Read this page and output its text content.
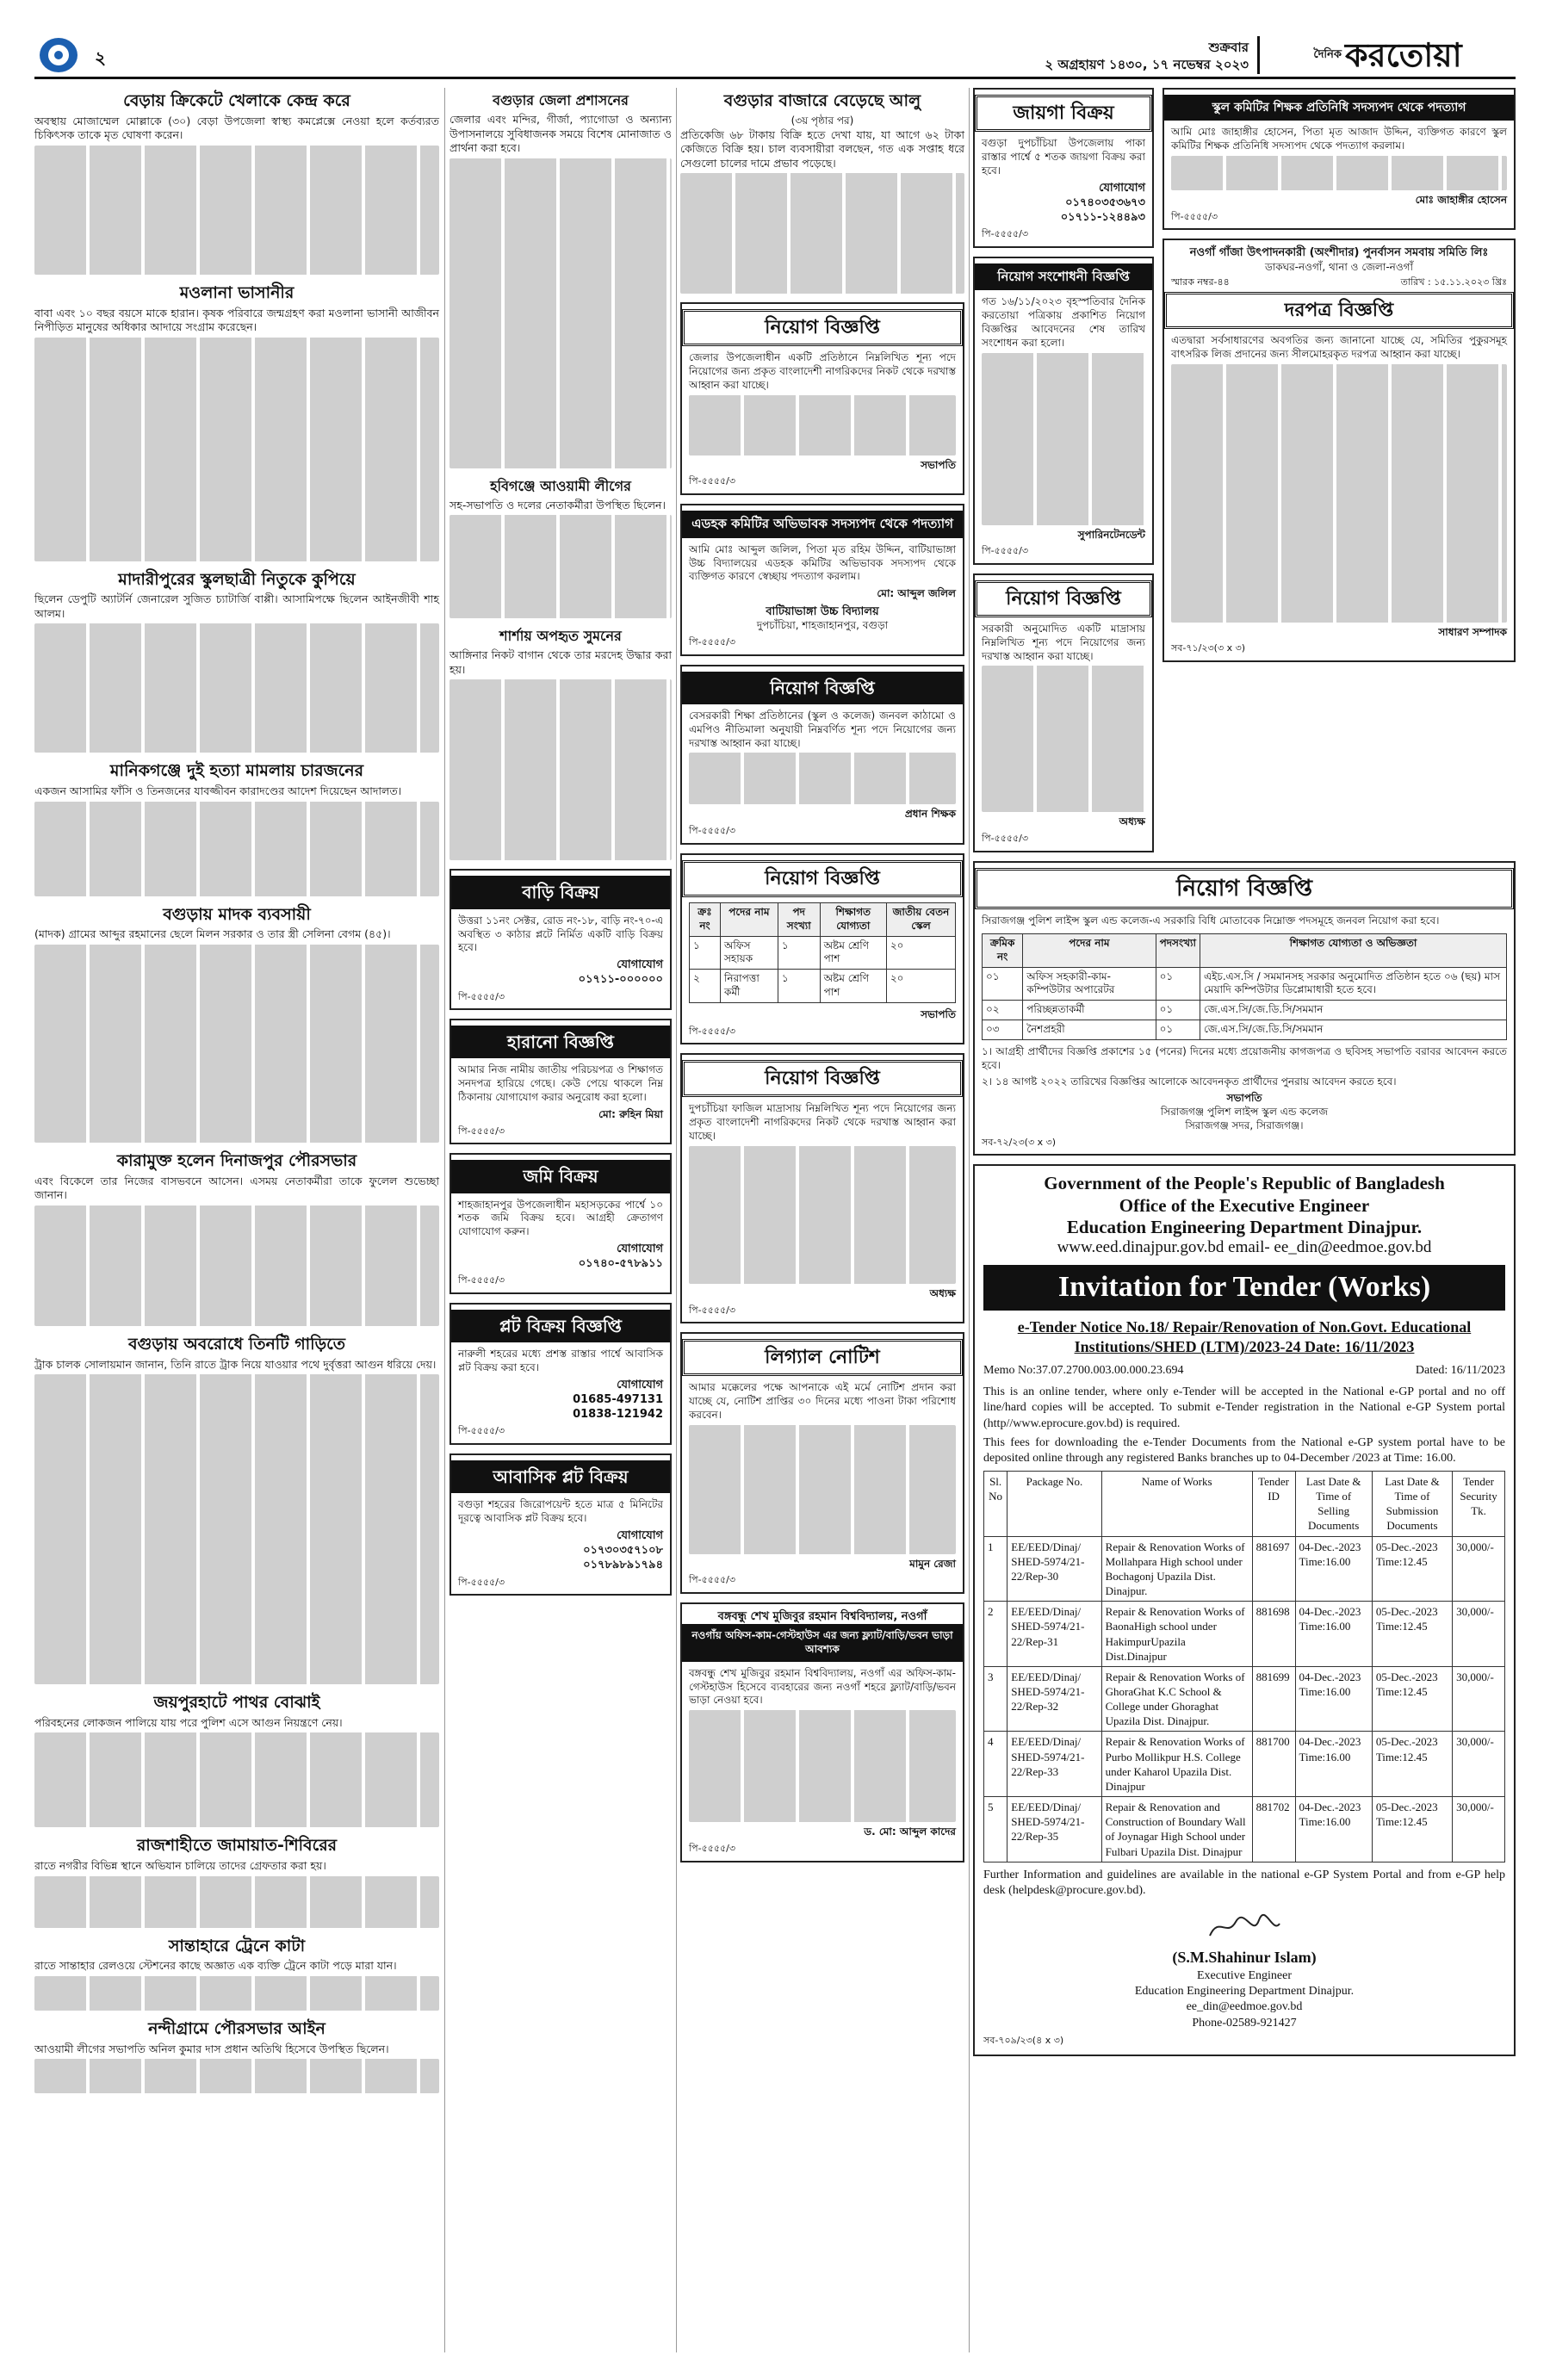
২	শুক্রবার
২ অগ্রহায়ণ ১৪৩০, ১৭ নভেম্বর ২০২৩
$^{দৈনিক}$ করতোয়া
বেড়ায় ক্রিকেটে খেলাকে কেন্দ্র করে

অবস্থায় মোজাম্মেল মোল্লাকে (৩০) বেড়া উপজেলা স্বাস্থ্য কমপ্লেক্সে নেওয়া হলে কর্তব্যরত চিকিৎসক তাকে মৃত ঘোষণা করেন।

মওলানা ভাসানীর

বাবা এবং ১০ বছর বয়সে মাকে হারান। কৃষক পরিবারে জন্মগ্রহণ করা মওলানা ভাসানী আজীবন নিপীড়িত মানুষের অধিকার আদায়ে সংগ্রাম করেছেন।

মাদারীপুরের স্কুলছাত্রী নিতুকে কুপিয়ে

ছিলেন ডেপুটি অ্যাটর্নি জেনারেল সুজিত চ্যাটার্জি বাপ্পী। আসামিপক্ষে ছিলেন আইনজীবী শাহ আলম।

মানিকগঞ্জে দুই হত্যা মামলায় চারজনের

একজন আসামির ফাঁসি ও তিনজনের যাবজ্জীবন কারাদণ্ডের আদেশ দিয়েছেন আদালত।

বগুড়ায় মাদক ব্যবসায়ী

(মাদক) গ্রামের আব্দুর রহমানের ছেলে মিলন সরকার ও তার স্ত্রী সেলিনা বেগম (৪৫)।

কারামুক্ত হলেন দিনাজপুর পৌরসভার

এবং বিকেলে তার নিজের বাসভবনে আসেন। এসময় নেতাকর্মীরা তাকে ফুলেল শুভেচ্ছা জানান।

বগুড়ায় অবরোধে তিনটি গাড়িতে

ট্রাক চালক সোলায়মান জানান, তিনি রাতে ট্রাক নিয়ে যাওয়ার পথে দুর্বৃত্তরা আগুন ধরিয়ে দেয়।

জয়পুরহাটে পাথর বোঝাই

পরিবহনের লোকজন পালিয়ে যায় পরে পুলিশ এসে আগুন নিয়ন্ত্রণে নেয়।

রাজশাহীতে জামায়াত-শিবিরের

রাতে নগরীর বিভিন্ন স্থানে অভিযান চালিয়ে তাদের গ্রেফতার করা হয়।

সান্তাহারে ট্রেনে কাটা

রাতে সান্তাহার রেলওয়ে স্টেশনের কাছে অজ্ঞাত এক ব্যক্তি ট্রেনে কাটা পড়ে মারা যান।

নন্দীগ্রামে পৌরসভার আইন

আওয়ামী লীগের সভাপতি অনিল কুমার দাস প্রধান অতিথি হিসেবে উপস্থিত ছিলেন।

বগুড়ার জেলা প্রশাসনের

জেলার এবং মন্দির, গীর্জা, প্যাগোডা ও অন্যান্য উপাসনালয়ে সুবিধাজনক সময়ে বিশেষ মোনাজাত ও প্রার্থনা করা হবে।

হবিগঞ্জে আওয়ামী লীগের

সহ-সভাপতি ও দলের নেতাকর্মীরা উপস্থিত ছিলেন।

শার্শায় অপহৃত সুমনের

আঙ্গিনার নিকট বাগান থেকে তার মরদেহ উদ্ধার করা হয়।

বাড়ি বিক্রয়

উত্তরা ১১নং সেক্টর, রোড নং-১৮, বাড়ি নং-৭০-এ অবস্থিত ৩ কাঠার প্লটে নির্মিত একটি বাড়ি বিক্রয় হবে।

যোগাযোগ
০১৭১১-০০০০০০
পি-৫৫৫৫/৩
হারানো বিজ্ঞপ্তি

আমার নিজ নামীয় জাতীয় পরিচয়পত্র ও শিক্ষাগত সনদপত্র হারিয়ে গেছে। কেউ পেয়ে থাকলে নিম্ন ঠিকানায় যোগাযোগ করার অনুরোধ করা হলো।

মো: রুহিন মিয়া
পি-৫৫৫৫/৩
জমি বিক্রয়

শাহজাহানপুর উপজেলাধীন মহাসড়কের পার্শ্বে ১০ শতক জমি বিক্রয় হবে। আগ্রহী ক্রেতাগণ যোগাযোগ করুন।

যোগাযোগ
০১৭৪০-৫৭৮৯১১
পি-৫৫৫৫/৩
প্লট বিক্রয় বিজ্ঞপ্তি

নারুলী শহরের মধ্যে প্রশস্ত রাস্তার পার্শ্বে আবাসিক প্লট বিক্রয় করা হবে।

যোগাযোগ
01685-497131
01838-121942
পি-৫৫৫৫/৩
আবাসিক প্লট বিক্রয়

বগুড়া শহরের জিরোপয়েন্ট হতে মাত্র ৫ মিনিটের দূরত্বে আবাসিক প্লট বিক্রয় হবে।

যোগাযোগ
০১৭৩০৩৫৭১০৮
০১৭৮৯৮৯১৭৯৪
পি-৫৫৫৫/৩
বগুড়ার বাজারে বেড়েছে আলু
(৩য় পৃষ্ঠার পর)

প্রতিকেজি ৬৮ টাকায় বিক্রি হতে দেখা যায়, যা আগে ৬২ টাকা কেজিতে বিক্রি হয়। চাল ব্যবসায়ীরা বলছেন, গত এক সপ্তাহ ধরে সেগুলো চালের দামে প্রভাব পড়েছে।

নিয়োগ বিজ্ঞপ্তি

জেলার উপজেলাধীন একটি প্রতিষ্ঠানে নিম্নলিখিত শূন্য পদে নিয়োগের জন্য প্রকৃত বাংলাদেশী নাগরিকদের নিকট থেকে দরখাস্ত আহ্বান করা যাচ্ছে।

সভাপতি
পি-৫৫৫৫/৩
এডহক কমিটির অভিভাবক সদস্যপদ থেকে পদত্যাগ

আমি মোঃ আব্দুল জলিল, পিতা মৃত রহিম উদ্দিন, বাটিয়াভাঙ্গা উচ্চ বিদ্যালয়ের এডহক কমিটির অভিভাবক সদস্যপদ থেকে ব্যক্তিগত কারণে স্বেচ্ছায় পদত্যাগ করলাম।

মো: আব্দুল জলিল
বাটিয়াভাঙ্গা উচ্চ বিদ্যালয়
দুপচাঁচিয়া, শাহজাহানপুর, বগুড়া
পি-৫৫৫৫/৩
নিয়োগ বিজ্ঞপ্তি

বেসরকারী শিক্ষা প্রতিষ্ঠানের (স্কুল ও কলেজ) জনবল কাঠামো ও এমপিও নীতিমালা অনুযায়ী নিম্নবর্ণিত শূন্য পদে নিয়োগের জন্য দরখাস্ত আহ্বান করা যাচ্ছে।

প্রধান শিক্ষক
পি-৫৫৫৫/৩
নিয়োগ বিজ্ঞপ্তি
ক্রঃ নং	পদের নাম	পদ সংখ্যা	শিক্ষাগত যোগ্যতা	জাতীয় বেতন স্কেল
১	অফিস সহায়ক	১	অষ্টম শ্রেণি পাশ	২০
২	নিরাপত্তা কর্মী	১	অষ্টম শ্রেণি পাশ	২০
সভাপতি
পি-৫৫৫৫/৩
নিয়োগ বিজ্ঞপ্তি

দুপচাঁচিয়া ফাজিল মাদ্রাসায় নিম্নলিখিত শূন্য পদে নিয়োগের জন্য প্রকৃত বাংলাদেশী নাগরিকদের নিকট থেকে দরখাস্ত আহ্বান করা যাচ্ছে।

অধ্যক্ষ
পি-৫৫৫৫/৩
লিগ্যাল নোটিশ

আমার মক্কেলের পক্ষে আপনাকে এই মর্মে নোটিশ প্রদান করা যাচ্ছে যে, নোটিশ প্রাপ্তির ৩০ দিনের মধ্যে পাওনা টাকা পরিশোধ করবেন।

মামুন রেজা
পি-৫৫৫৫/৩
বঙ্গবন্ধু শেখ মুজিবুর রহমান বিশ্ববিদ্যালয়, নওগাঁ
নওগাঁয় অফিস-কাম-গেস্টহাউস এর জন্য ফ্ল্যাট/বাড়ি/ভবন ভাড়া আবশ্যক

বঙ্গবন্ধু শেখ মুজিবুর রহমান বিশ্ববিদ্যালয়, নওগাঁ এর অফিস-কাম-গেস্টহাউস হিসেবে ব্যবহারের জন্য নওগাঁ শহরে ফ্ল্যাট/বাড়ি/ভবন ভাড়া নেওয়া হবে।

ড. মো: আব্দুল কাদের
পি-৫৫৫৫/৩
জায়গা বিক্রয়

বগুড়া দুপচাঁচিয়া উপজেলায় পাকা রাস্তার পার্শ্বে ৫ শতক জায়গা বিক্রয় করা হবে।

যোগাযোগ
০১৭৪০৩৫৩৬৭৩
০১৭১১-১২৪৪৯৩
পি-৫৫৫৫/৩
নিয়োগ সংশোধনী বিজ্ঞপ্তি

গত ১৬/১১/২০২৩ বৃহস্পতিবার দৈনিক করতোয়া পত্রিকায় প্রকাশিত নিয়োগ বিজ্ঞপ্তির আবেদনের শেষ তারিখ সংশোধন করা হলো।

সুপারিনটেনডেন্ট
পি-৫৫৫৫/৩
নিয়োগ বিজ্ঞপ্তি

সরকারী অনুমোদিত একটি মাদ্রাসায় নিম্নলিখিত শূন্য পদে নিয়োগের জন্য দরখাস্ত আহ্বান করা যাচ্ছে।

অধ্যক্ষ
পি-৫৫৫৫/৩
স্কুল কমিটির শিক্ষক প্রতিনিধি সদস্যপদ থেকে পদত্যাগ

আমি মোঃ জাহাঙ্গীর হোসেন, পিতা মৃত আজাদ উদ্দিন, ব্যক্তিগত কারণে স্কুল কমিটির শিক্ষক প্রতিনিধি সদস্যপদ থেকে পদত্যাগ করলাম।

মোঃ জাহাঙ্গীর হোসেন
পি-৫৫৫৫/৩
নওগাঁ গাঁজা উৎপাদনকারী (অংশীদার) পুনর্বাসন সমবায় সমিতি লিঃ
ডাকঘর-নওগাঁ, থানা ও জেলা-নওগাঁ
স্মারক নম্বর-৪৪	তারিখ : ১৫.১১.২০২৩ খ্রিঃ
দরপত্র বিজ্ঞপ্তি

এতদ্বারা সর্বসাধারণের অবগতির জন্য জানানো যাচ্ছে যে, সমিতির পুকুরসমূহ বাৎসরিক লিজ প্রদানের জন্য সীলমোহরকৃত দরপত্র আহ্বান করা যাচ্ছে।

সাধারণ সম্পাদক
সব-৭১/২৩(৩ x ৩)
নিয়োগ বিজ্ঞপ্তি

সিরাজগঞ্জ পুলিশ লাইন্স স্কুল এন্ড কলেজ-এ সরকারি বিধি মোতাবেক নিম্নোক্ত পদসমূহে জনবল নিয়োগ করা হবে।

ক্রমিক নং	পদের নাম	পদসংখ্যা	শিক্ষাগত যোগ্যতা ও অভিজ্ঞতা
০১	অফিস সহকারী-কাম-কম্পিউটার অপারেটর	০১	এইচ.এস.সি / সমমানসহ সরকার অনুমোদিত প্রতিষ্ঠান হতে ০৬ (ছয়) মাস মেয়াদি কম্পিউটার ডিপ্লোমাধারী হতে হবে।
০২	পরিচ্ছন্নতাকর্মী	০১	জে.এস.সি/জে.ডি.সি/সমমান
০৩	নৈশপ্রহরী	০১	জে.এস.সি/জে.ডি.সি/সমমান

১। আগ্রহী প্রার্থীদের বিজ্ঞপ্তি প্রকাশের ১৫ (পনের) দিনের মধ্যে প্রয়োজনীয় কাগজপত্র ও ছবিসহ সভাপতি বরাবর আবেদন করতে হবে।

২। ১৪ আগষ্ট ২০২২ তারিখের বিজ্ঞপ্তির আলোকে আবেদনকৃত প্রার্থীদের পুনরায় আবেদন করতে হবে।

সভাপতি
সিরাজগঞ্জ পুলিশ লাইন্স স্কুল এন্ড কলেজ
সিরাজগঞ্জ সদর, সিরাজগঞ্জ।
সব-৭২/২৩(৩ x ৩)
Government of the People's Republic of Bangladesh
Office of the Executive Engineer
Education Engineering Department Dinajpur.
www.eed.dinajpur.gov.bd email- ee_din@eedmoe.gov.bd
Invitation for Tender (Works)
e-Tender Notice No.18/ Repair/Renovation of Non.Govt. Educational Institutions/SHED (LTM)/2023-24 Date: 16/11/2023
Memo No:37.07.2700.003.00.000.23.694	Dated: 16/11/2023

This is an online tender, where only e-Tender will be accepted in the National e-GP portal and no off line/hard copies will be accepted. To submit e-Tender registration in the National e-GP System portal (http//www.eprocure.gov.bd) is required.

This fees for downloading the e-Tender Documents from the National e-GP system portal have to be deposited online through any registered Banks branches up to 04-December /2023 at Time: 16.00.

Sl. No	Package No.	Name of Works	Tender ID	Last Date & Time of Selling Documents	Last Date & Time of Submission Documents	Tender Security Tk.
1	EE/EED/Dinaj/ SHED-5974/21-22/Rep-30	Repair & Renovation Works of Mollahpara High school under Bochagonj Upazila Dist. Dinajpur.	881697	04-Dec.-2023 Time:16.00	05-Dec.-2023 Time:12.45	30,000/-
2	EE/EED/Dinaj/ SHED-5974/21-22/Rep-31	Repair & Renovation Works of BaonaHigh school under HakimpurUpazila Dist.Dinajpur	881698	04-Dec.-2023 Time:16.00	05-Dec.-2023 Time:12.45	30,000/-
3	EE/EED/Dinaj/ SHED-5974/21-22/Rep-32	Repair & Renovation Works of GhoraGhat K.C School & College under Ghoraghat Upazila Dist. Dinajpur.	881699	04-Dec.-2023 Time:16.00	05-Dec.-2023 Time:12.45	30,000/-
4	EE/EED/Dinaj/ SHED-5974/21-22/Rep-33	Repair & Renovation Works of Purbo Mollikpur H.S. College under Kaharol Upazila Dist. Dinajpur	881700	04-Dec.-2023 Time:16.00	05-Dec.-2023 Time:12.45	30,000/-
5	EE/EED/Dinaj/ SHED-5974/21-22/Rep-35	Repair & Renovation and Construction of Boundary Wall of Joynagar High School under Fulbari Upazila Dist. Dinajpur	881702	04-Dec.-2023 Time:16.00	05-Dec.-2023 Time:12.45	30,000/-

Further Information and guidelines are available in the national e-GP System Portal and from e-GP help desk (helpdesk@procure.gov.bd).

(S.M.Shahinur Islam)
Executive Engineer
Education Engineering Department Dinajpur.
ee_din@eedmoe.gov.bd
Phone-02589-921427
সব-৭০৯/২৩(৪ x ৩)
